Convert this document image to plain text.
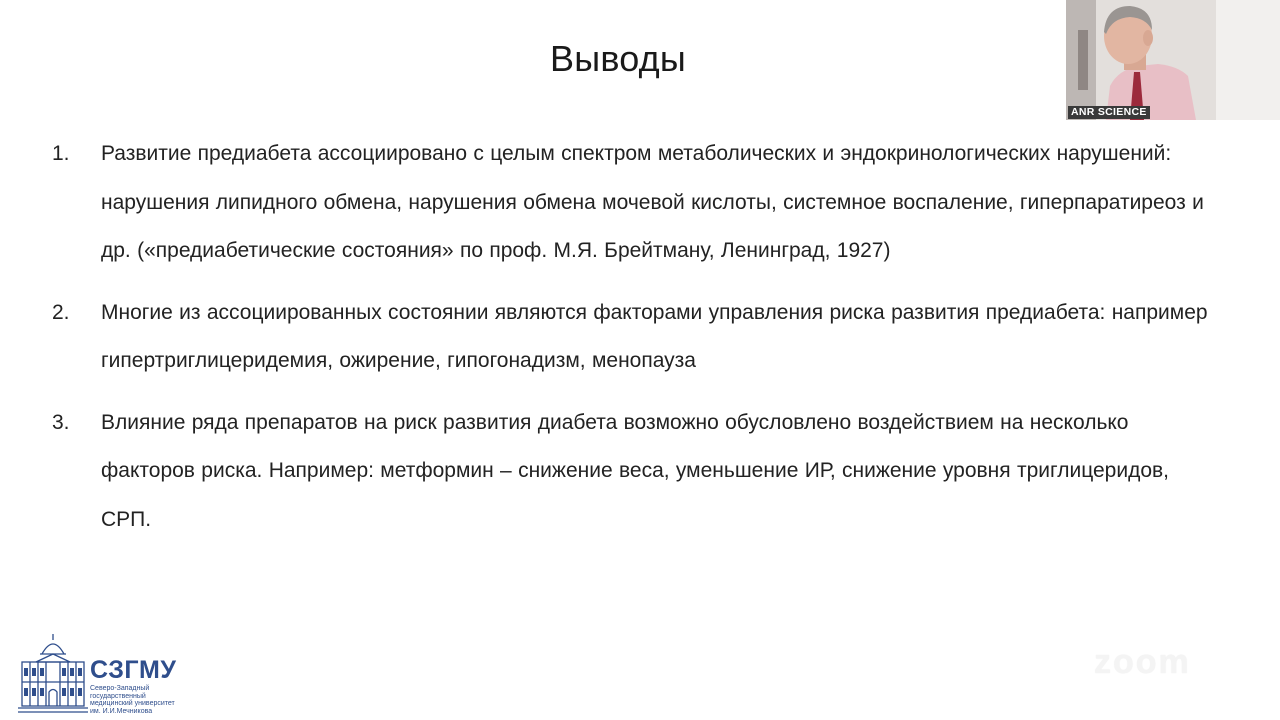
Выводы
1.	Развитие предиабета ассоциировано с целым спектром метаболических и эндокринологических нарушений: нарушения липидного обмена, нарушения обмена мочевой кислоты, системное воспаление, гиперпаратиреоз и др. («предиабетические состояния» по проф. М.Я. Брейтману, Ленинград, 1927)
2.	Многие из ассоциированных состоянии являются факторами управления риска развития предиабета: например гипертриглицеридемия, ожирение, гипогонадизм, менопауза
3.	Влияние ряда препаратов на риск развития диабета возможно обусловлено воздействием на несколько факторов риска. Например: метформин – снижение веса, уменьшение ИР, снижение уровня триглицеридов, СРП.
ANR SCIENCE
СЗГМУ
Северо-Западный
государственный
медицинский университет
им. И.И.Мечникова
zoom
